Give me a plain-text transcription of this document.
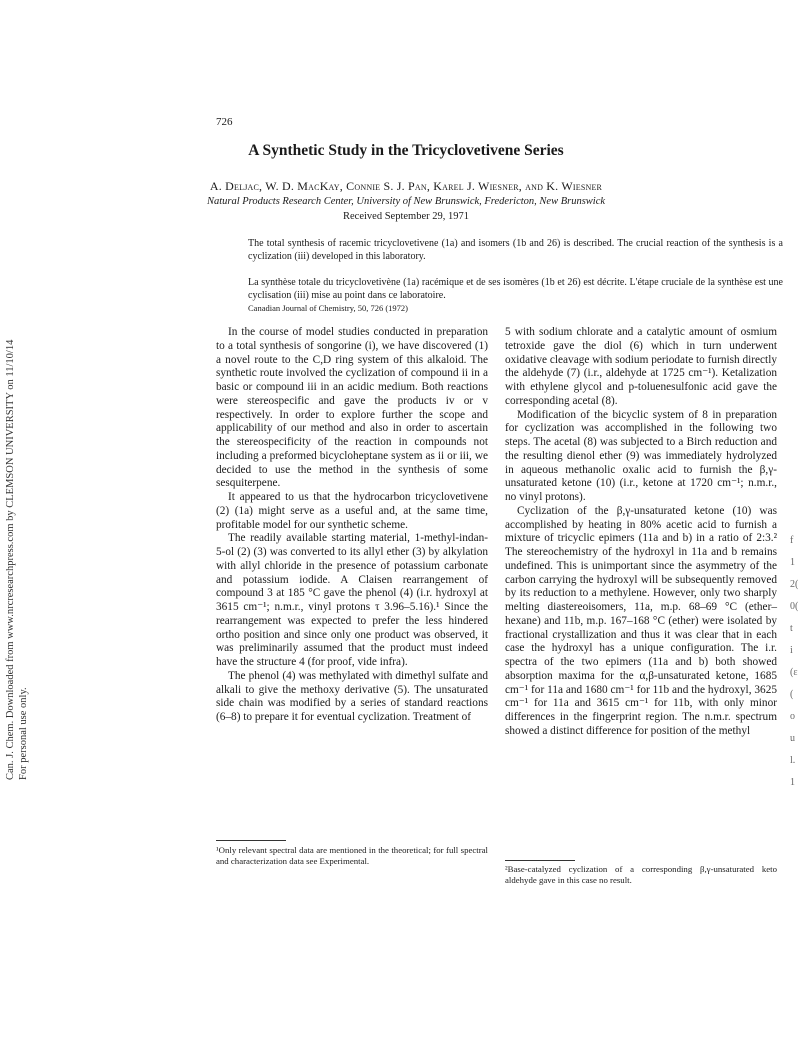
726
A Synthetic Study in the Tricyclovetivene Series
A. Deljac, W. D. MacKay, Connie S. J. Pan, Karel J. Wiesner, and K. Wiesner
Natural Products Research Center, University of New Brunswick, Fredericton, New Brunswick
Received September 29, 1971

The total synthesis of racemic tricyclovetivene (1a) and isomers (1b and 26) is described. The crucial reaction of the synthesis is a cyclization (iii) developed in this laboratory.

La synthèse totale du tricyclovetivène (1a) racémique et de ses isomères (1b et 26) est décrite. L'étape cruciale de la synthèse est une cyclisation (iii) mise au point dans ce laboratoire.

Canadian Journal of Chemistry, 50, 726 (1972)

In the course of model studies conducted in preparation to a total synthesis of songorine (i), we have discovered (1) a novel route to the C,D ring system of this alkaloid. The synthetic route involved the cyclization of compound ii in a basic or compound iii in an acidic medium. Both reactions were stereospecific and gave the products iv or v respectively. In order to explore further the scope and applicability of our method and also in order to ascertain the stereospecificity of the reaction in compounds not including a preformed bicycloheptane system as ii or iii, we decided to use the method in the synthesis of some sesquiterpene.

It appeared to us that the hydrocarbon tricyclovetivene (2) (1a) might serve as a useful and, at the same time, profitable model for our synthetic scheme.

The readily available starting material, 1-methyl-indan-5-ol (2) (3) was converted to its allyl ether (3) by alkylation with allyl chloride in the presence of potassium carbonate and potassium iodide. A Claisen rearrangement of compound 3 at 185 °C gave the phenol (4) (i.r. hydroxyl at 3615 cm⁻¹; n.m.r., vinyl protons τ 3.96–5.16).¹ Since the rearrangement was expected to prefer the less hindered ortho position and since only one product was observed, it was preliminarily assumed that the product must indeed have the structure 4 (for proof, vide infra).

The phenol (4) was methylated with dimethyl sulfate and alkali to give the methoxy derivative (5). The unsaturated side chain was modified by a series of standard reactions (6–8) to prepare it for eventual cyclization. Treatment of

5 with sodium chlorate and a catalytic amount of osmium tetroxide gave the diol (6) which in turn underwent oxidative cleavage with sodium periodate to furnish directly the aldehyde (7) (i.r., aldehyde at 1725 cm⁻¹). Ketalization with ethylene glycol and p-toluenesulfonic acid gave the corresponding acetal (8).

Modification of the bicyclic system of 8 in preparation for cyclization was accomplished in the following two steps. The acetal (8) was subjected to a Birch reduction and the resulting dienol ether (9) was immediately hydrolyzed in aqueous methanolic oxalic acid to furnish the β,γ-unsaturated ketone (10) (i.r., ketone at 1720 cm⁻¹; n.m.r., no vinyl protons).

Cyclization of the β,γ-unsaturated ketone (10) was accomplished by heating in 80% acetic acid to furnish a mixture of tricyclic epimers (11a and b) in a ratio of 2:3.² The stereochemistry of the hydroxyl in 11a and b remains undefined. This is unimportant since the asymmetry of the carbon carrying the hydroxyl will be subsequently removed by its reduction to a methylene. However, only two sharply melting diastereoisomers, 11a, m.p. 68–69 °C (ether–hexane) and 11b, m.p. 167–168 °C (ether) were isolated by fractional crystallization and thus it was clear that in each case the hydroxyl has a unique configuration. The i.r. spectra of the two epimers (11a and b) both showed absorption maxima for the α,β-unsaturated ketone, 1685 cm⁻¹ for 11a and 1680 cm⁻¹ for 11b and the hydroxyl, 3625 cm⁻¹ for 11a and 3615 cm⁻¹ for 11b, with only minor differences in the fingerprint region. The n.m.r. spectrum showed a distinct difference for position of the methyl

¹Only relevant spectral data are mentioned in the theoretical; for full spectral and characterization data see Experimental.

²Base-catalyzed cyclization of a corresponding β,γ-unsaturated keto aldehyde gave in this case no result.

Can. J. Chem. Downloaded from www.nrcresearchpress.com by CLEMSON UNIVERSITY on 11/10/14 For personal use only.
f
1
2(
0(
t
i
(ε
(
o
u
l.
1
